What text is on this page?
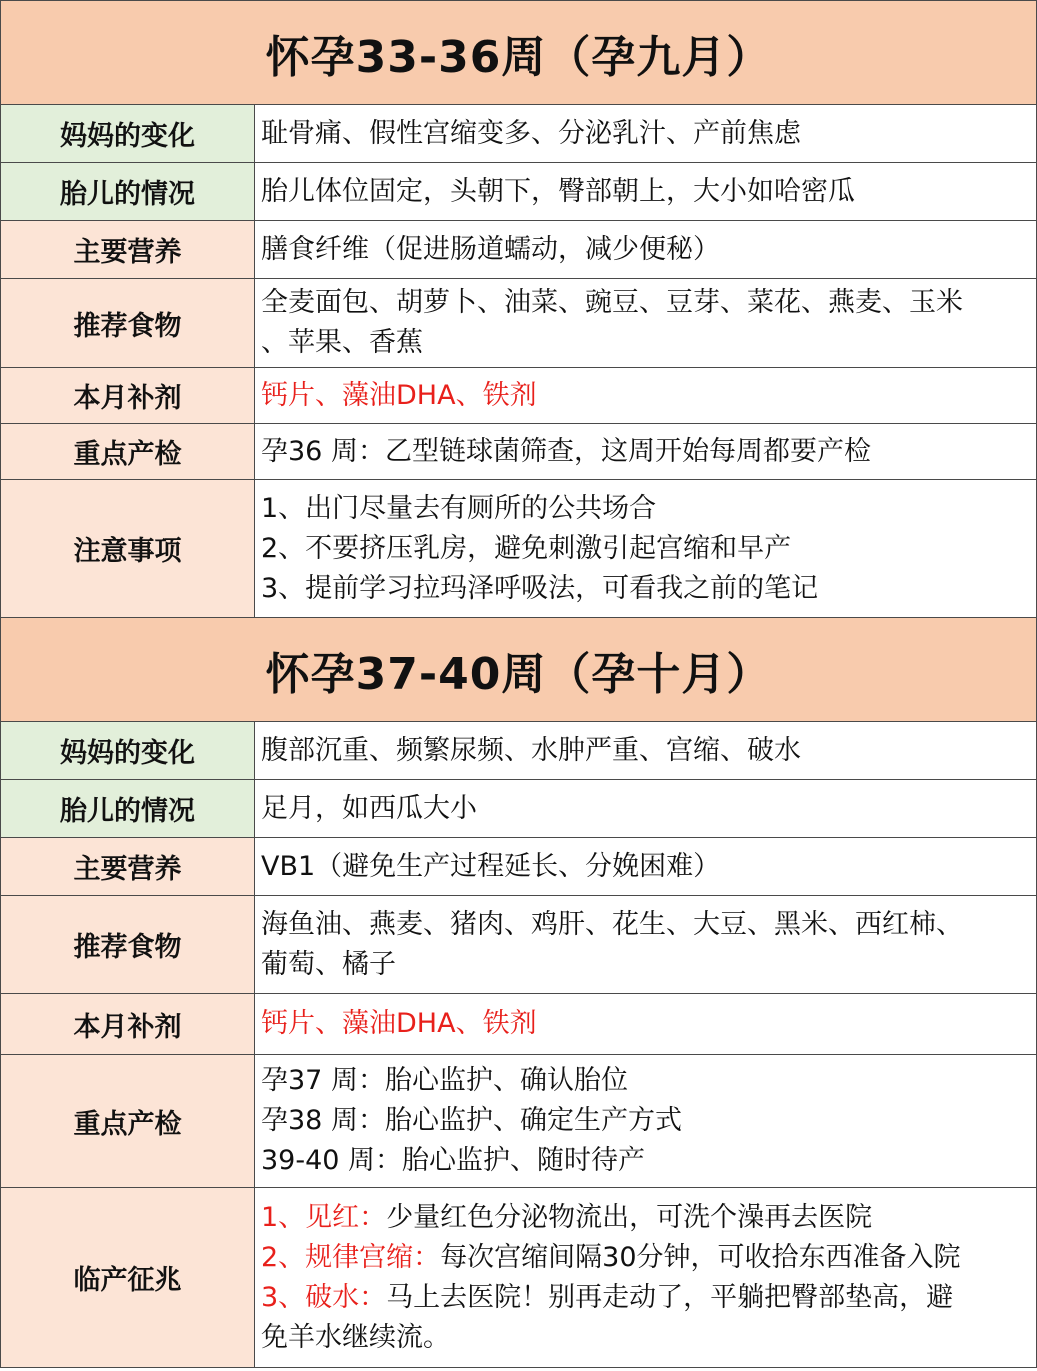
怀孕33-36周（孕九月）	
妈妈的变化	耻骨痛、假性宫缩变多、分泌乳汁、产前焦虑
胎儿的情况	胎儿体位固定，头朝下，臀部朝上，大小如哈密瓜
主要营养	膳食纤维（促进肠道蠕动，减少便秘）
推荐食物	全麦面包、胡萝卜、油菜、豌豆、豆芽、菜花、燕麦、玉米
、苹果、香蕉

本月补剂	钙片、藻油DHA、铁剂
重点产检	孕36 周：乙型链球菌筛查，这周开始每周都要产检
注意事项	1、出门尽量去有厕所的公共场合
2、不要挤压乳房，避免刺激引起宫缩和早产
3、提前学习拉玛泽呼吸法，可看我之前的笔记

怀孕37-40周（孕十月）	
妈妈的变化	腹部沉重、频繁尿频、水肿严重、宫缩、破水
胎儿的情况	足月，如西瓜大小
主要营养	VB1（避免生产过程延长、分娩困难）
推荐食物	海鱼油、燕麦、猪肉、鸡肝、花生、大豆、黑米、西红柿、
葡萄、橘子

本月补剂	钙片、藻油DHA、铁剂
重点产检	孕37 周：胎心监护、确认胎位
孕38 周：胎心监护、确定生产方式
39-40 周：胎心监护、随时待产

临产征兆	1、见红：少量红色分泌物流出，可洗个澡再去医院
2、规律宫缩：每次宫缩间隔30分钟，可收拾东西准备入院
3、破水：马上去医院！别再走动了，平躺把臀部垫高，避
免羊水继续流。
